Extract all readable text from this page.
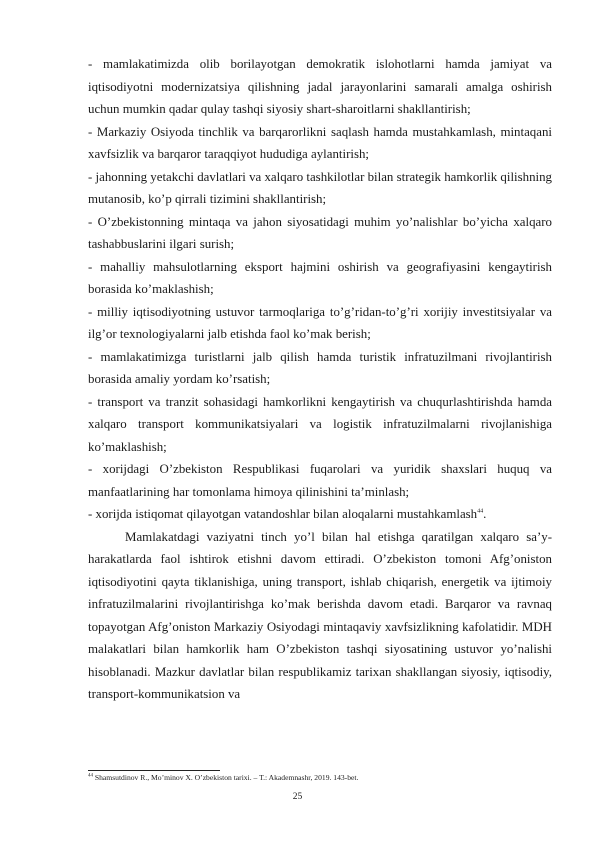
- mamlakatimizda olib borilayotgan demokratik islohotlarni hamda jamiyat va iqtisodiyotni modernizatsiya qilishning jadal jarayonlarini samarali amalga oshirish uchun mumkin qadar qulay tashqi siyosiy shart-sharoitlarni shakllantirish;

- Markaziy Osiyoda tinchlik va barqarorlikni saqlash hamda mustahkamlash, mintaqani xavfsizlik va barqaror taraqqiyot hududiga aylantirish;

- jahonning yetakchi davlatlari va xalqaro tashkilotlar bilan strategik hamkorlik qilishning mutanosib, ko’p qirrali tizimini shakllantirish;

- O’zbekistonning mintaqa va jahon siyosatidagi muhim yo’nalishlar bo’yicha xalqaro tashabbuslarini ilgari surish;

- mahalliy mahsulotlarning eksport hajmini oshirish va geografiyasini kengaytirish borasida ko’maklashish;

- milliy iqtisodiyotning ustuvor tarmoqlariga to’g’ridan-to’g’ri xorijiy investitsiyalar va ilg’or texnologiyalarni jalb etishda faol ko’mak berish;

- mamlakatimizga turistlarni jalb qilish hamda turistik infratuzilmani rivojlantirish borasida amaliy yordam ko’rsatish;

- transport va tranzit sohasidagi hamkorlikni kengaytirish va chuqurlashtirishda hamda xalqaro transport kommunikatsiyalari va logistik infratuzilmalarni rivojlanishiga ko’maklashish;

- xorijdagi O’zbekiston Respublikasi fuqarolari va yuridik shaxslari huquq va manfaatlarining har tomonlama himoya qilinishini ta’minlash;

- xorijda istiqomat qilayotgan vatandoshlar bilan aloqalarni mustahkamlash$^{44}$.

Mamlakatdagi vaziyatni tinch yo’l bilan hal etishga qaratilgan xalqaro sa’y-harakatlarda faol ishtirok etishni davom ettiradi. O’zbekiston tomoni Afg’oniston iqtisodiyotini qayta tiklanishiga, uning transport, ishlab chiqarish, energetik va ijtimoiy infratuzilmalarini rivojlantirishga ko’mak berishda davom etadi. Barqaror va ravnaq topayotgan Afg’oniston Markaziy Osiyodagi mintaqaviy xavfsizlikning kafolatidir. MDH malakatlari bilan hamkorlik ham O’zbekiston tashqi siyosatining ustuvor yo’nalishi hisoblanadi. Mazkur davlatlar bilan respublikamiz tarixan shakllangan siyosiy, iqtisodiy, transport-kommunikatsion va

$^{44}$ Shamsutdinov R., Mo’minov X. O’zbekiston tarixi. – T.: Akademnashr, 2019. 143-bet.
25
